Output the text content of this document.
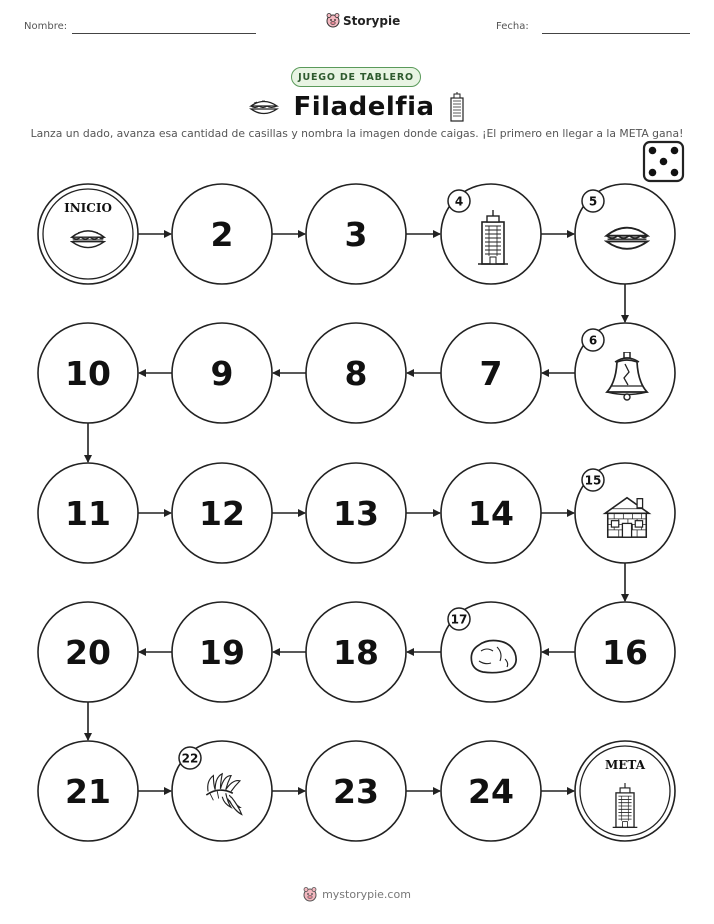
Nombre:	Storypie	Fecha:
JUEGO DE TABLERO
Filadelfia
Lanza un dado, avanza esa cantidad de casillas y nombra la imagen donde caigas. ¡El primero en llegar a la META gana!
INICIO
2	3
4	5
6
7
8
9
10
11	12	13	14
15
16
17
18
19
20
21
22
23	24
META
mystorypie.com
